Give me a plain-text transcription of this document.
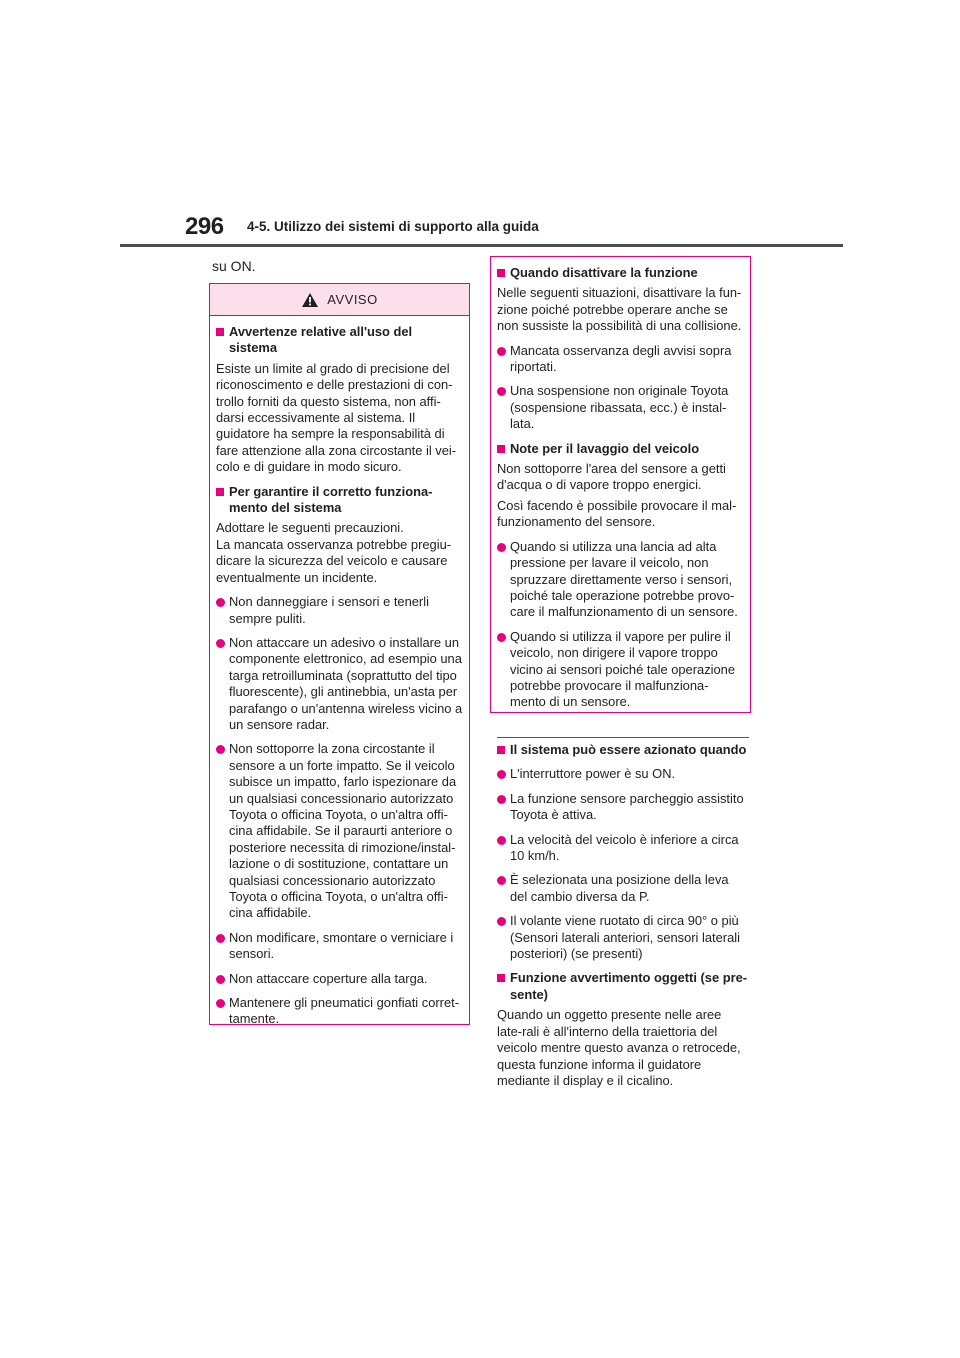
296 4-5. Utilizzo dei sistemi di supporto alla guida
su ON.
AVVISO
Avvertenze relative all'uso del sistema

Esiste un limite al grado di precisione del riconoscimento e delle prestazioni di con-trollo forniti da questo sistema, non affi-darsi eccessivamente al sistema. Il guidatore ha sempre la responsabilità di fare attenzione alla zona circostante il vei-colo e di guidare in modo sicuro.

Per garantire il corretto funziona-mento del sistema

Adottare le seguenti precauzioni.

La mancata osservanza potrebbe pregiu-dicare la sicurezza del veicolo e causare eventualmente un incidente.

Non danneggiare i sensori e tenerli sempre puliti.
Non attaccare un adesivo o installare un componente elettronico, ad esempio una targa retroilluminata (soprattutto del tipo fluorescente), gli antinebbia, un'asta per parafango o un'antenna wireless vicino a un sensore radar.
Non sottoporre la zona circostante il sensore a un forte impatto. Se il veicolo subisce un impatto, farlo ispezionare da un qualsiasi concessionario autorizzato Toyota o officina Toyota, o un'altra offi-cina affidabile. Se il paraurti anteriore o posteriore necessita di rimozione/instal-lazione o di sostituzione, contattare un qualsiasi concessionario autorizzato Toyota o officina Toyota, o un'altra offi-cina affidabile.
Non modificare, smontare o verniciare i sensori.
Non attaccare coperture alla targa.
Mantenere gli pneumatici gonfiati corret-tamente.
Quando disattivare la funzione

Nelle seguenti situazioni, disattivare la fun-zione poiché potrebbe operare anche se non sussiste la possibilità di una collisione.

Mancata osservanza degli avvisi sopra riportati.
Una sospensione non originale Toyota (sospensione ribassata, ecc.) è instal-lata.
Note per il lavaggio del veicolo

Non sottoporre l'area del sensore a getti d'acqua o di vapore troppo energici.

Così facendo è possibile provocare il mal-funzionamento del sensore.

Quando si utilizza una lancia ad alta pressione per lavare il veicolo, non spruzzare direttamente verso i sensori, poiché tale operazione potrebbe provo-care il malfunzionamento di un sensore.
Quando si utilizza il vapore per pulire il veicolo, non dirigere il vapore troppo vicino ai sensori poiché tale operazione potrebbe provocare il malfunziona-mento di un sensore.
Il sistema può essere azionato quando
L'interruttore power è su ON.
La funzione sensore parcheggio assistito Toyota è attiva.
La velocità del veicolo è inferiore a circa 10 km/h.
È selezionata una posizione della leva del cambio diversa da P.
Il volante viene ruotato di circa 90° o più (Sensori laterali anteriori, sensori laterali posteriori) (se presenti)
Funzione avvertimento oggetti (se pre-sente)

Quando un oggetto presente nelle aree late-rali è all'interno della traiettoria del veicolo mentre questo avanza o retrocede, questa funzione informa il guidatore mediante il display e il cicalino.
